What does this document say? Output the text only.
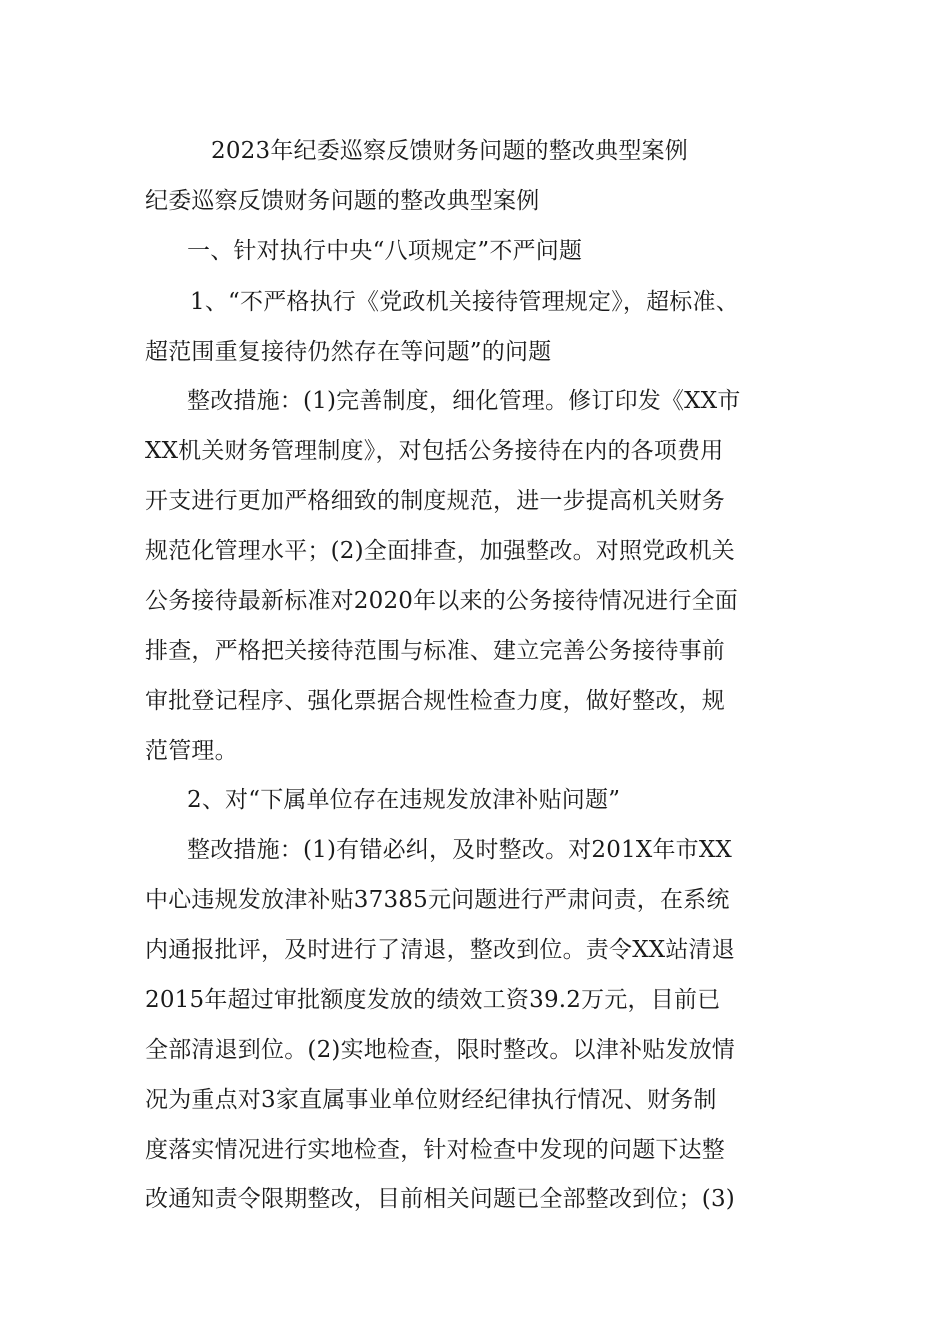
2023年纪委巡察反馈财务问题的整改典型案例
纪委巡察反馈财务问题的整改典型案例
一、针对执行中央“八项规定”不严问题
1、“不严格执行《党政机关接待管理规定》，超标准、
超范围重复接待仍然存在等问题”的问题
整改措施：(1)完善制度，细化管理。修订印发《XX市
XX机关财务管理制度》，对包括公务接待在内的各项费用
开支进行更加严格细致的制度规范，进一步提高机关财务
规范化管理水平；(2)全面排查，加强整改。对照党政机关
公务接待最新标准对2020年以来的公务接待情况进行全面
排查，严格把关接待范围与标准、建立完善公务接待事前
审批登记程序、强化票据合规性检查力度，做好整改，规
范管理。
2、对“下属单位存在违规发放津补贴问题”
整改措施：(1)有错必纠，及时整改。对201X年市XX
中心违规发放津补贴37385元问题进行严肃问责，在系统
内通报批评，及时进行了清退，整改到位。责令XX站清退
2015年超过审批额度发放的绩效工资39.2万元，目前已
全部清退到位。(2)实地检查，限时整改。以津补贴发放情
况为重点对3家直属事业单位财经纪律执行情况、财务制
度落实情况进行实地检查，针对检查中发现的问题下达整
改通知责令限期整改，目前相关问题已全部整改到位；(3)
